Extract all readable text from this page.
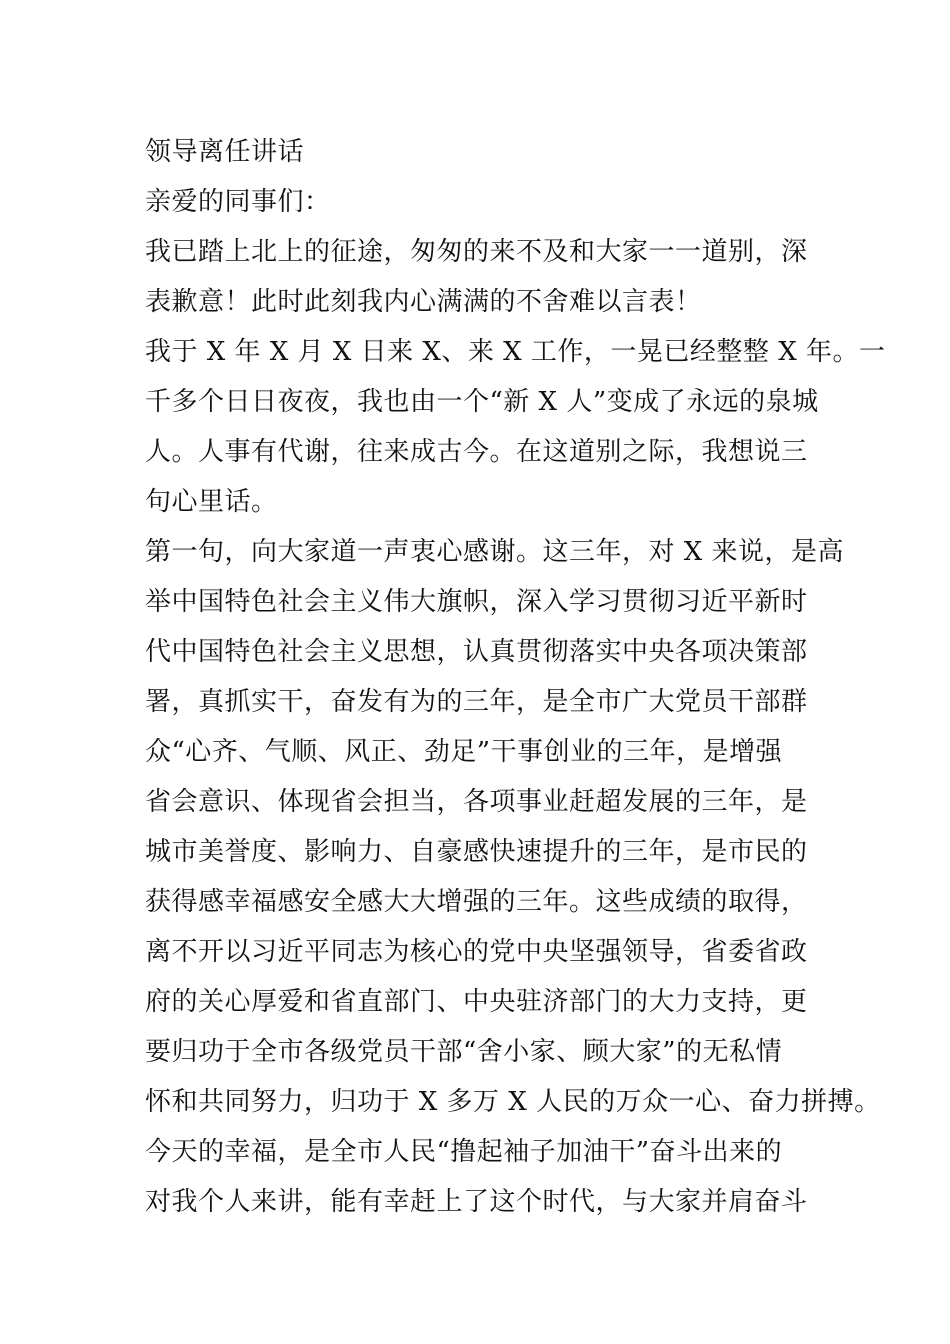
领导离任讲话
亲爱的同事们：
我已踏上北上的征途，匆匆的来不及和大家一一道别，深
表歉意！此时此刻我内心满满的不舍难以言表！
我于 X 年 X 月 X 日来 X、来 X 工作，一晃已经整整 X 年。一
千多个日日夜夜，我也由一个“新 X 人”变成了永远的泉城
人。人事有代谢，往来成古今。在这道别之际，我想说三
句心里话。
第一句，向大家道一声衷心感谢。这三年，对 X 来说，是高
举中国特色社会主义伟大旗帜，深入学习贯彻习近平新时
代中国特色社会主义思想，认真贯彻落实中央各项决策部
署，真抓实干，奋发有为的三年，是全市广大党员干部群
众“心齐、气顺、风正、劲足”干事创业的三年，是增强
省会意识、体现省会担当，各项事业赶超发展的三年，是
城市美誉度、影响力、自豪感快速提升的三年，是市民的
获得感幸福感安全感大大增强的三年。这些成绩的取得，
离不开以习近平同志为核心的党中央坚强领导，省委省政
府的关心厚爱和省直部门、中央驻济部门的大力支持，更
要归功于全市各级党员干部“舍小家、顾大家”的无私情
怀和共同努力，归功于 X 多万 X 人民的万众一心、奋力拼搏。
今天的幸福，是全市人民“撸起袖子加油干”奋斗出来的
对我个人来讲，能有幸赶上了这个时代，与大家并肩奋斗
